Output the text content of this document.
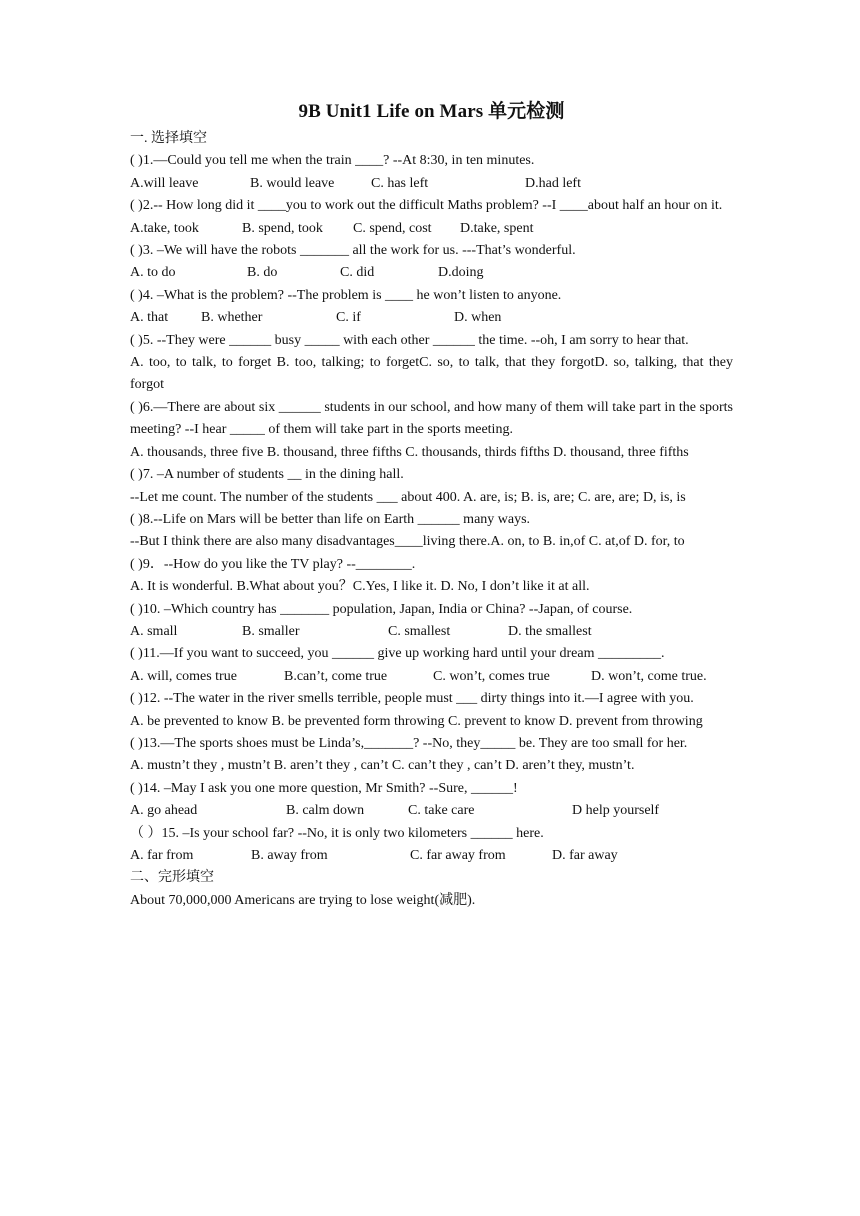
9B Unit1 Life on Mars 单元检测
一. 选择填空
( )1.—Could you tell me when the train ____? --At 8:30, in ten minutes.
A.will leave	B. would leave	C. has left	D.had left
( )2.-- How long did it ____you to work out the difficult Maths problem? --I ____about half an hour on it.
A.take, took	B. spend, took	C. spend, cost	D.take, spent
( )3. –We will have the robots _______ all the work for us. ---That’s wonderful.
A. to do	B. do	C. did	D.doing
( )4. –What is the problem? --The problem is ____ he won’t listen to anyone.
A. that	B. whether	C. if	D. when
( )5. --They were ______ busy _____ with each other ______ the time. --oh, I am sorry to hear that.
A. too, to talk, to forget B. too, talking; to forgetC. so, to talk, that they forgotD. so, talking, that they forgot
( )6.—There are about six ______ students in our school, and how many of them will take part in the sports meeting? --I hear _____ of them will take part in the sports meeting.
A. thousands, three five B. thousand, three fifths C. thousands, thirds fifths D. thousand, three fifths
( )7. –A number of students __ in the dining hall.
--Let me count. The number of the students ___ about 400. A. are, is; B. is, are; C. are, are; D, is, is
( )8.--Life on Mars will be better than life on Earth ______ many ways.
--But I think there are also many disadvantages____living there.A. on, to B. in,of C. at,of D. for, to
( )9．--How do you like the TV play? --________.
A. It is wonderful. B.What about you？C.Yes, I like it. D. No, I don’t like it at all.
( )10. –Which country has _______ population, Japan, India or China? --Japan, of course.
A. small	B. smaller	C. smallest	D. the smallest
( )11.—If you want to succeed, you ______ give up working hard until your dream _________.
A. will, comes true	B.can’t, come true	C. won’t, comes true	D. won’t, come true.
( )12. --The water in the river smells terrible, people must ___ dirty things into it.—I agree with you.
A. be prevented to know B. be prevented form throwing C. prevent to know D. prevent from throwing
( )13.—The sports shoes must be Linda’s,_______? --No, they_____ be. They are too small for her.
A. mustn’t they , mustn’t B. aren’t they , can’t C. can’t they , can’t D. aren’t they, mustn’t.
( )14. –May I ask you one more question, Mr Smith? --Sure, ______!
A. go ahead	B. calm down	C. take care	D help yourself
（ ）15. –Is your school far? --No, it is only two kilometers ______ here.
A. far from	B. away from	C. far away from	D. far away
二、完形填空
About 70,000,000 Americans are trying to lose weight(减肥).
